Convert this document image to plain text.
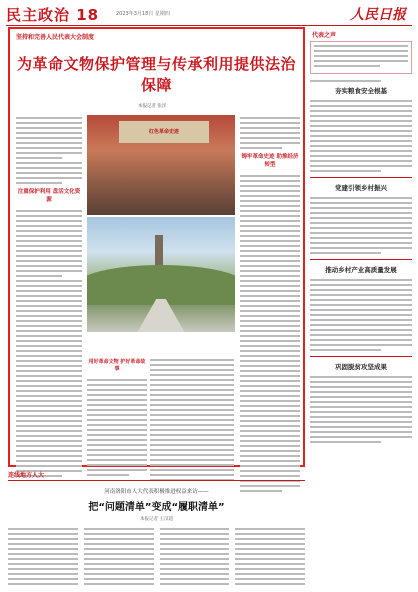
民主政治 18	2023年3月18日 星期四	人民日报
坚持和完善人民代表大会制度
为革命文物保护管理与传承利用提供法治保障
本报记者 张洋
注重保护利用 盘活文化资源
红色革命史迹
用好革命文物 护好革命故事
铸牢革命史迹 助推经济转型
代表之声
夯实粮食安全根基
党建引领乡村振兴
推动乡村产业高质量发展
巩固脱贫攻坚成果
连线地方人大
河南洛阳市人大代表积极推进权益来访——
把“问题清单”变成“履职清单”
本报记者 王汉超
